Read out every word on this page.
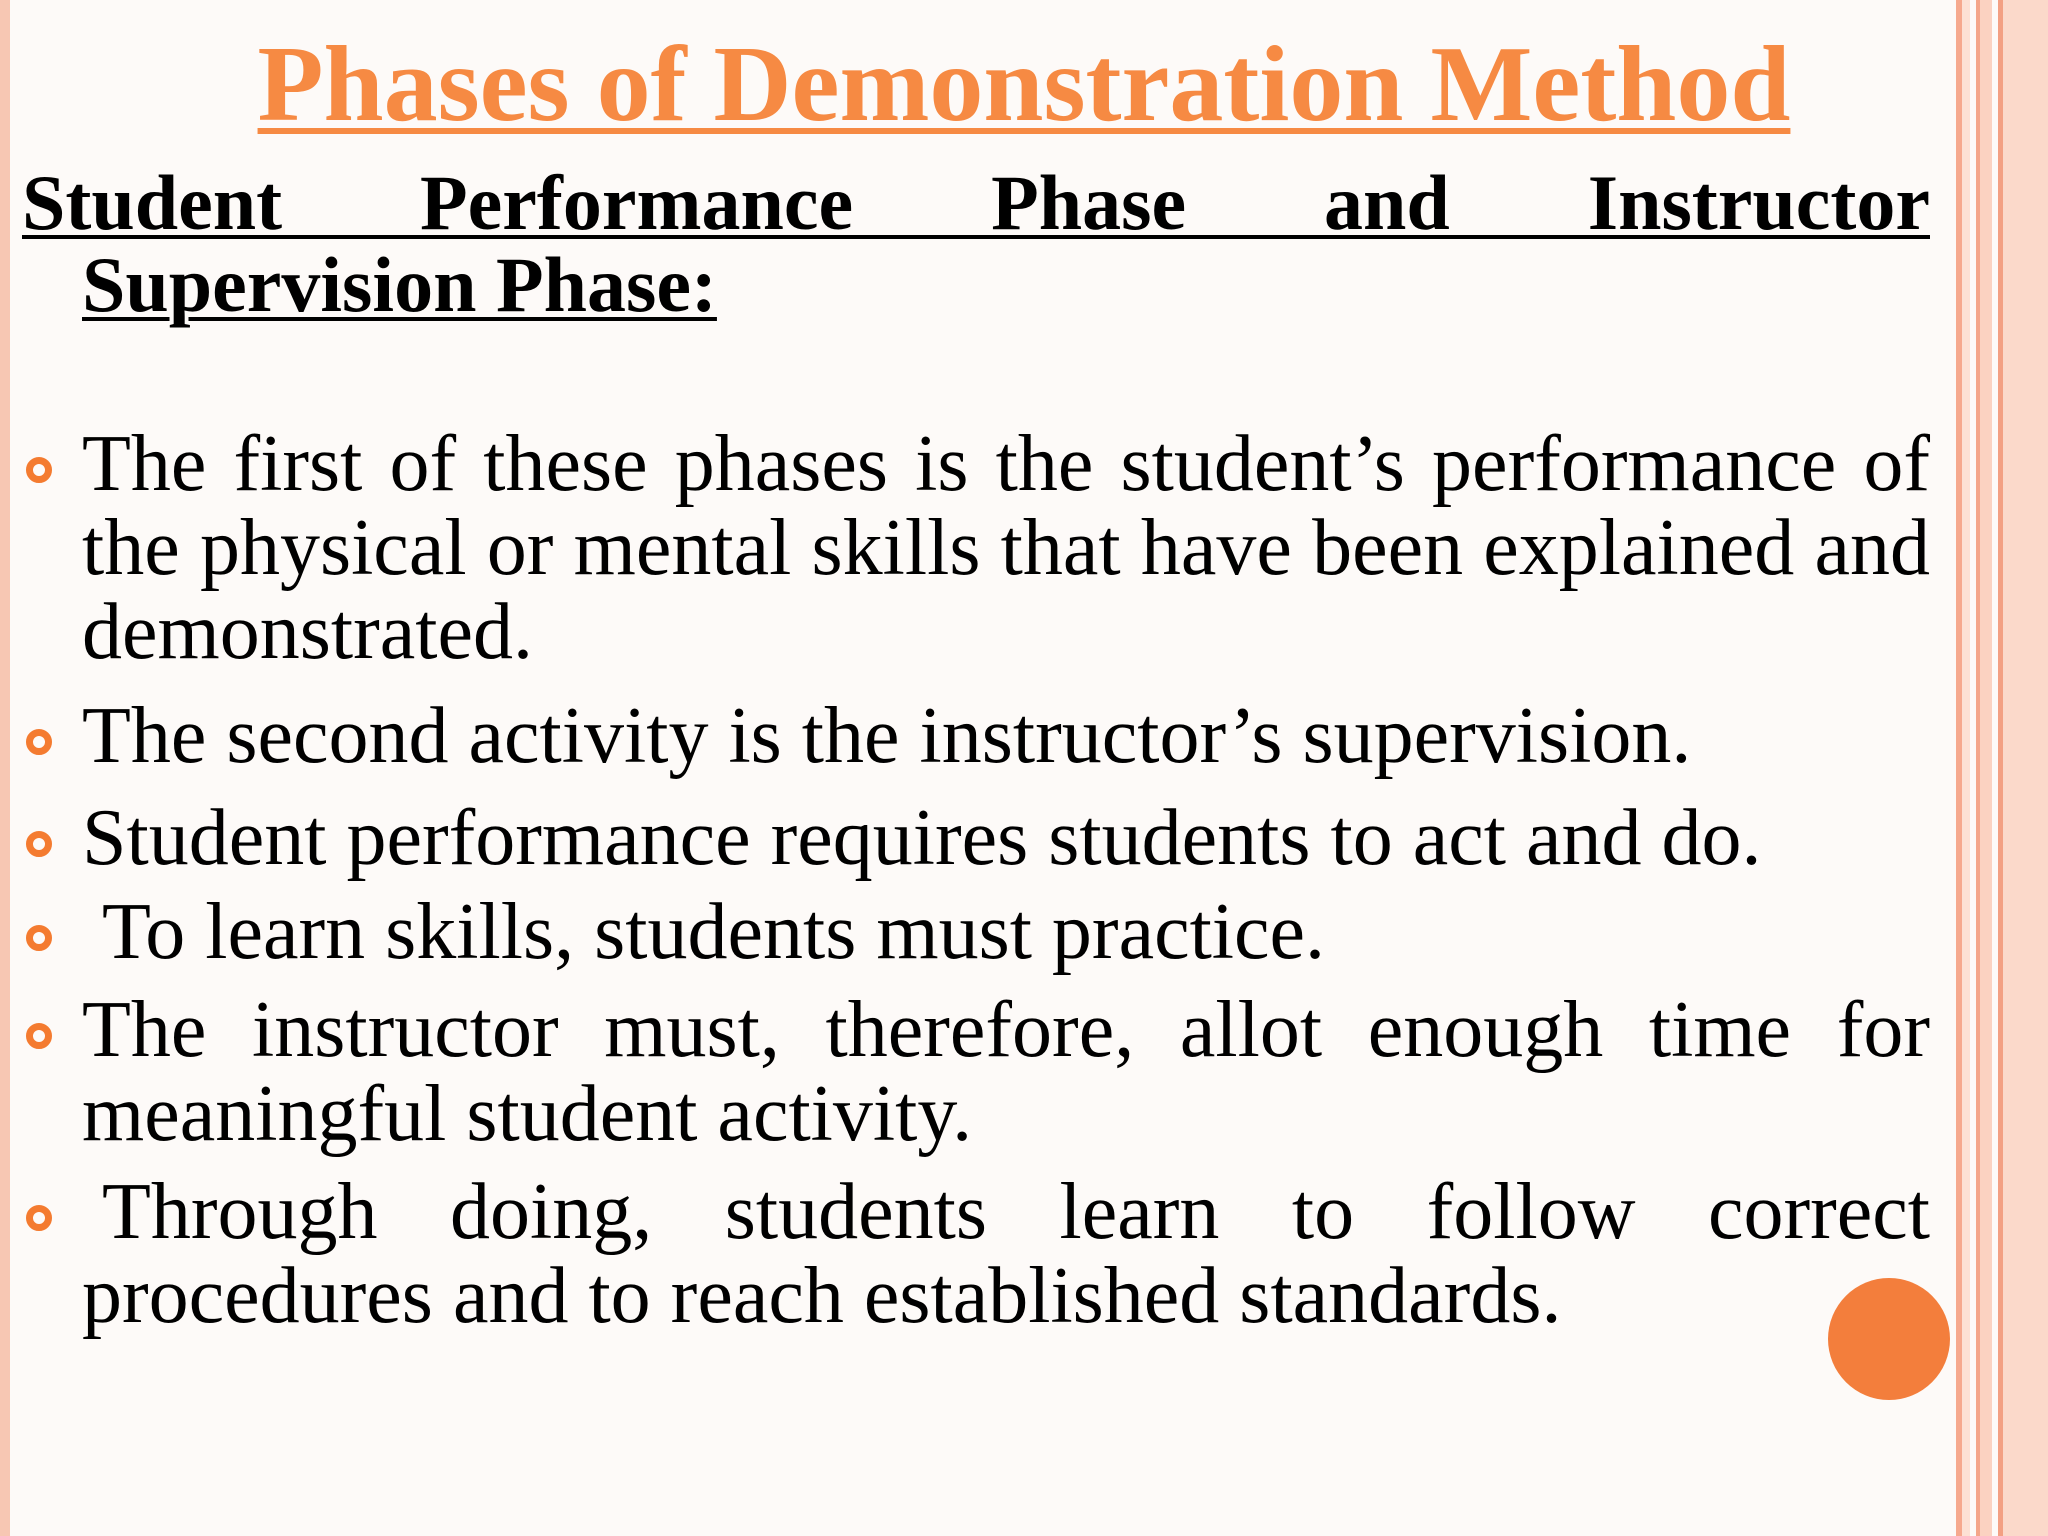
Phases of Demonstration Method
Student Performance Phase and Instructor
Supervision Phase:
The first of these phases is the student’s performance of the physical or mental skills that have been explained and demonstrated.
The second activity is the instructor’s supervision.
Student performance requires students to act and do.
To learn skills, students must practice.
The instructor must, therefore, allot enough time for meaningful student activity.
Through doing, students learn to follow correct procedures and to reach established standards.
